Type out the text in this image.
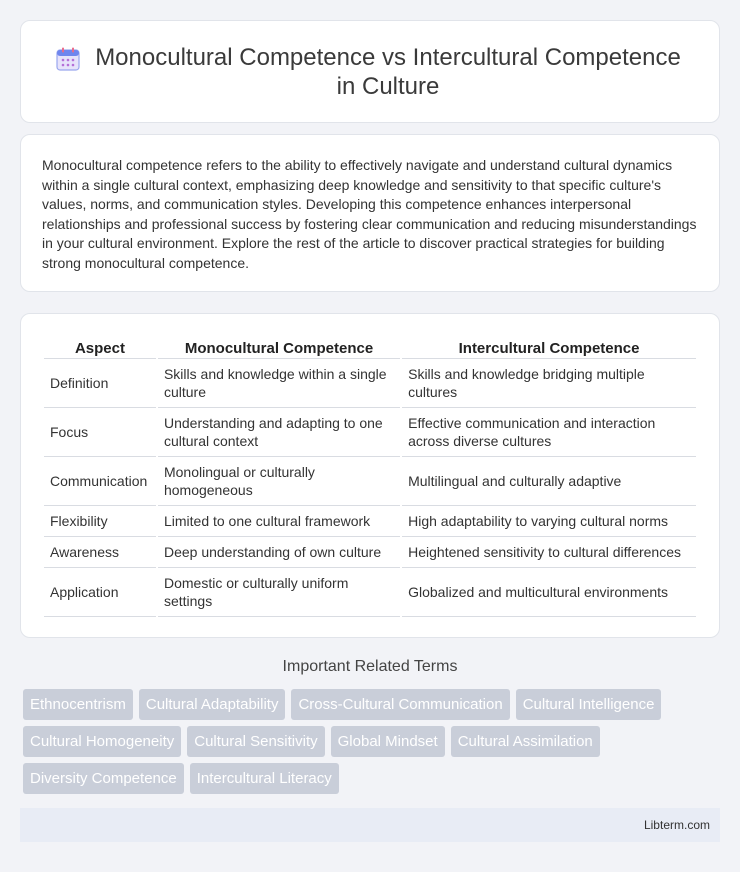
Monocultural Competence vs Intercultural Competence in Culture

Monocultural competence refers to the ability to effectively navigate and understand cultural dynamics within a single cultural context, emphasizing deep knowledge and sensitivity to that specific culture's values, norms, and communication styles. Developing this competence enhances interpersonal relationships and professional success by fostering clear communication and reducing misunderstandings in your cultural environment. Explore the rest of the article to discover practical strategies for building strong monocultural competence.

Aspect	Monocultural Competence	Intercultural Competence
Definition	Skills and knowledge within a single culture	Skills and knowledge bridging multiple cultures
Focus	Understanding and adapting to one cultural context	Effective communication and interaction across diverse cultures
Communication	Monolingual or culturally homogeneous	Multilingual and culturally adaptive
Flexibility	Limited to one cultural framework	High adaptability to varying cultural norms
Awareness	Deep understanding of own culture	Heightened sensitivity to cultural differences
Application	Domestic or culturally uniform settings	Globalized and multicultural environments
Important Related Terms
Ethnocentrism Cultural Adaptability Cross-Cultural Communication Cultural IntelligenceCultural Homogeneity Cultural Sensitivity Global Mindset Cultural AssimilationDiversity Competence Intercultural Literacy
Libterm.com
